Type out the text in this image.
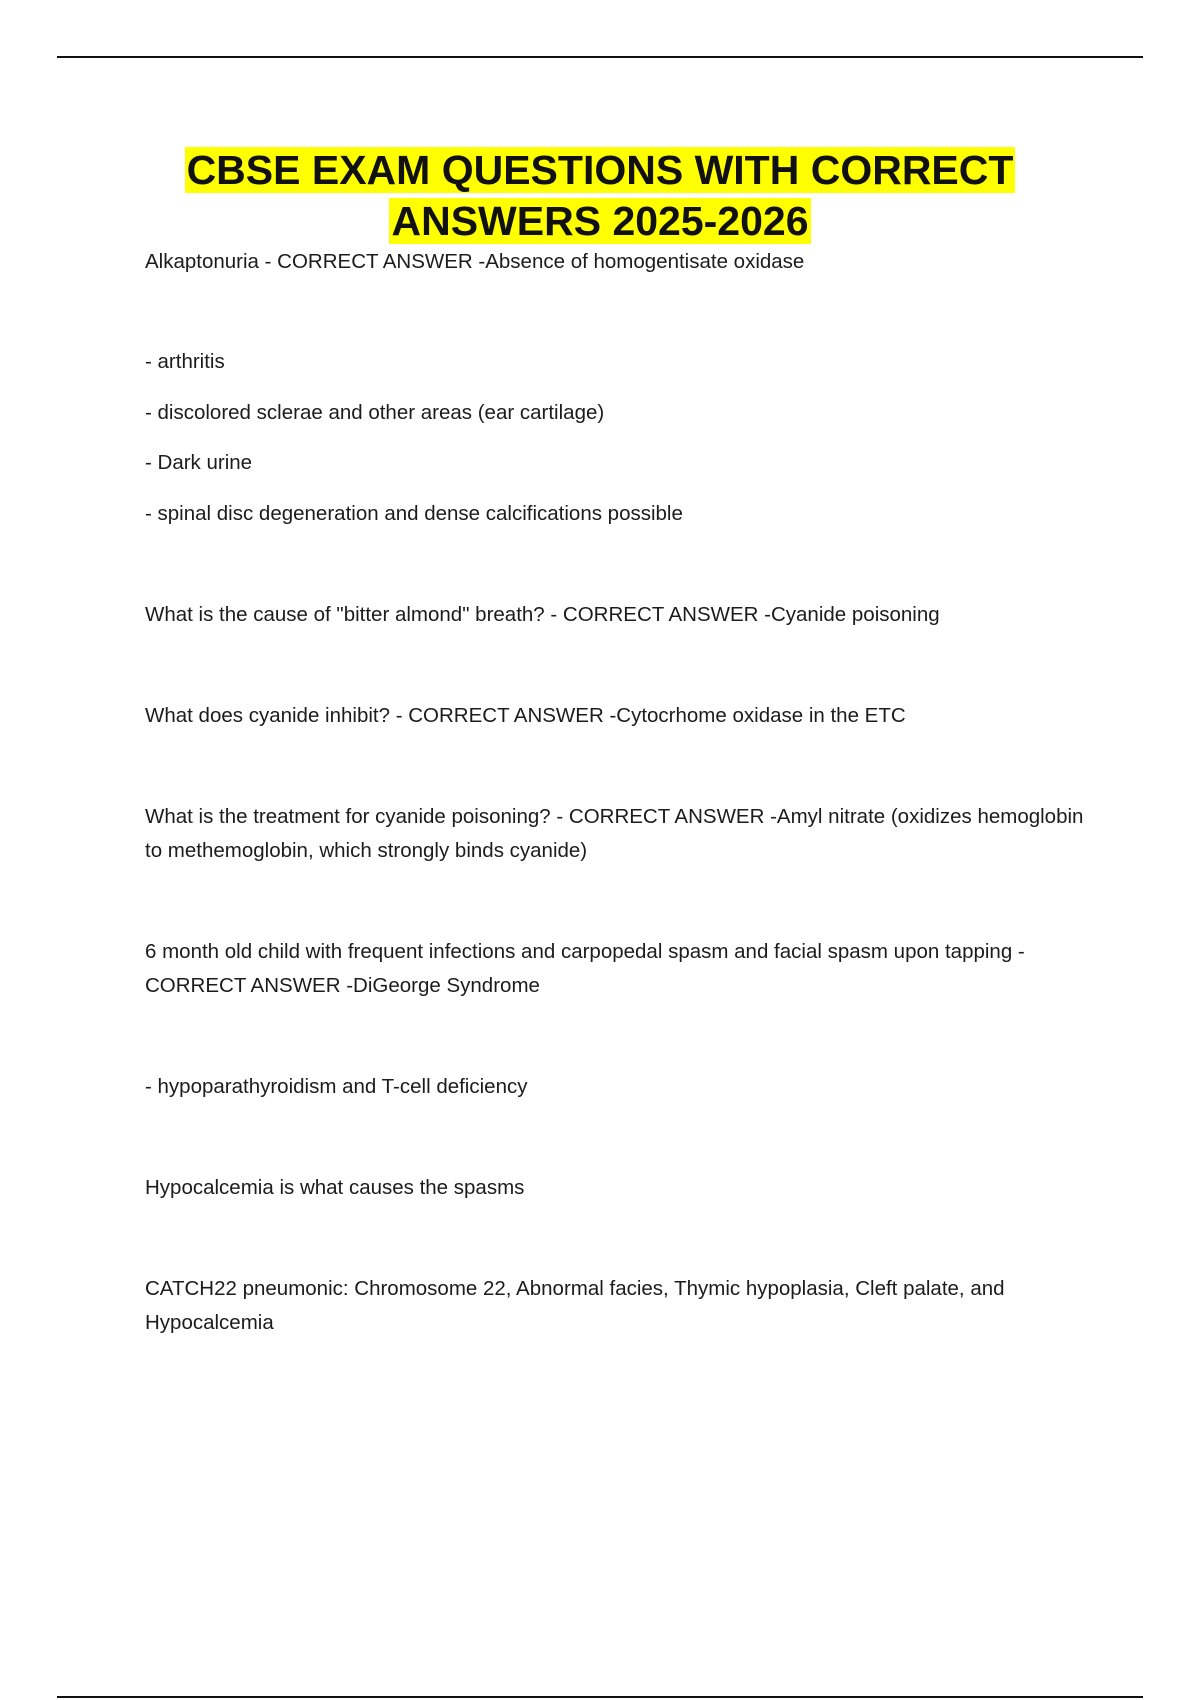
CBSE EXAM QUESTIONS WITH CORRECT
ANSWERS 2025-2026

Alkaptonuria - CORRECT ANSWER -Absence of homogentisate oxidase

- arthritis

- discolored sclerae and other areas (ear cartilage)

- Dark urine

- spinal disc degeneration and dense calcifications possible

What is the cause of "bitter almond" breath? - CORRECT ANSWER -Cyanide poisoning

What does cyanide inhibit? - CORRECT ANSWER -Cytocrhome oxidase in the ETC

What is the treatment for cyanide poisoning? - CORRECT ANSWER -Amyl nitrate (oxidizes hemoglobin to methemoglobin, which strongly binds cyanide)

6 month old child with frequent infections and carpopedal spasm and facial spasm upon tapping - CORRECT ANSWER -DiGeorge Syndrome

- hypoparathyroidism and T-cell deficiency

Hypocalcemia is what causes the spasms

CATCH22 pneumonic: Chromosome 22, Abnormal facies, Thymic hypoplasia, Cleft palate, and Hypocalcemia
